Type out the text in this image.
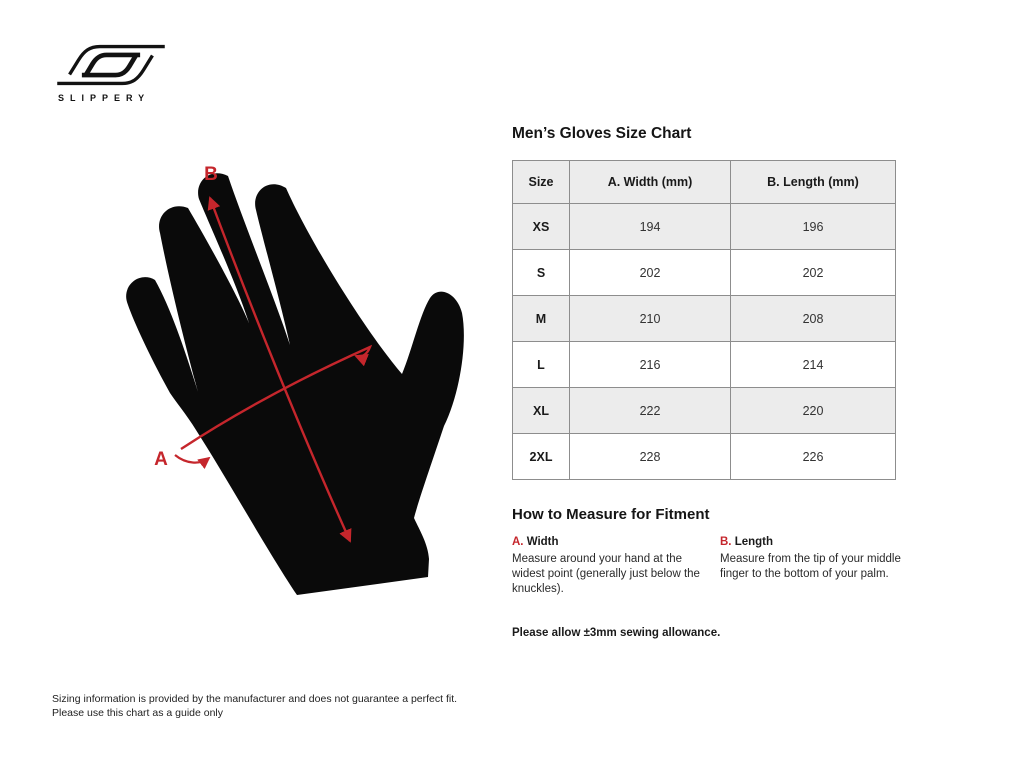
SLIPPERY
B
A
Men’s Gloves Size Chart
Size	A. Width (mm)	B. Length (mm)
XS	194	196
S	202	202
M	210	208
L	216	214
XL	222	220
2XL	228	226
How to Measure for Fitment
A. Width
Measure around your hand at the widest point (generally just below the knuckles).
B. Length
Measure from the tip of your middle finger to the bottom of your palm.
Please allow ±3mm sewing allowance.
Sizing information is provided by the manufacturer and does not guarantee a perfect fit.
Please use this chart as a guide only
